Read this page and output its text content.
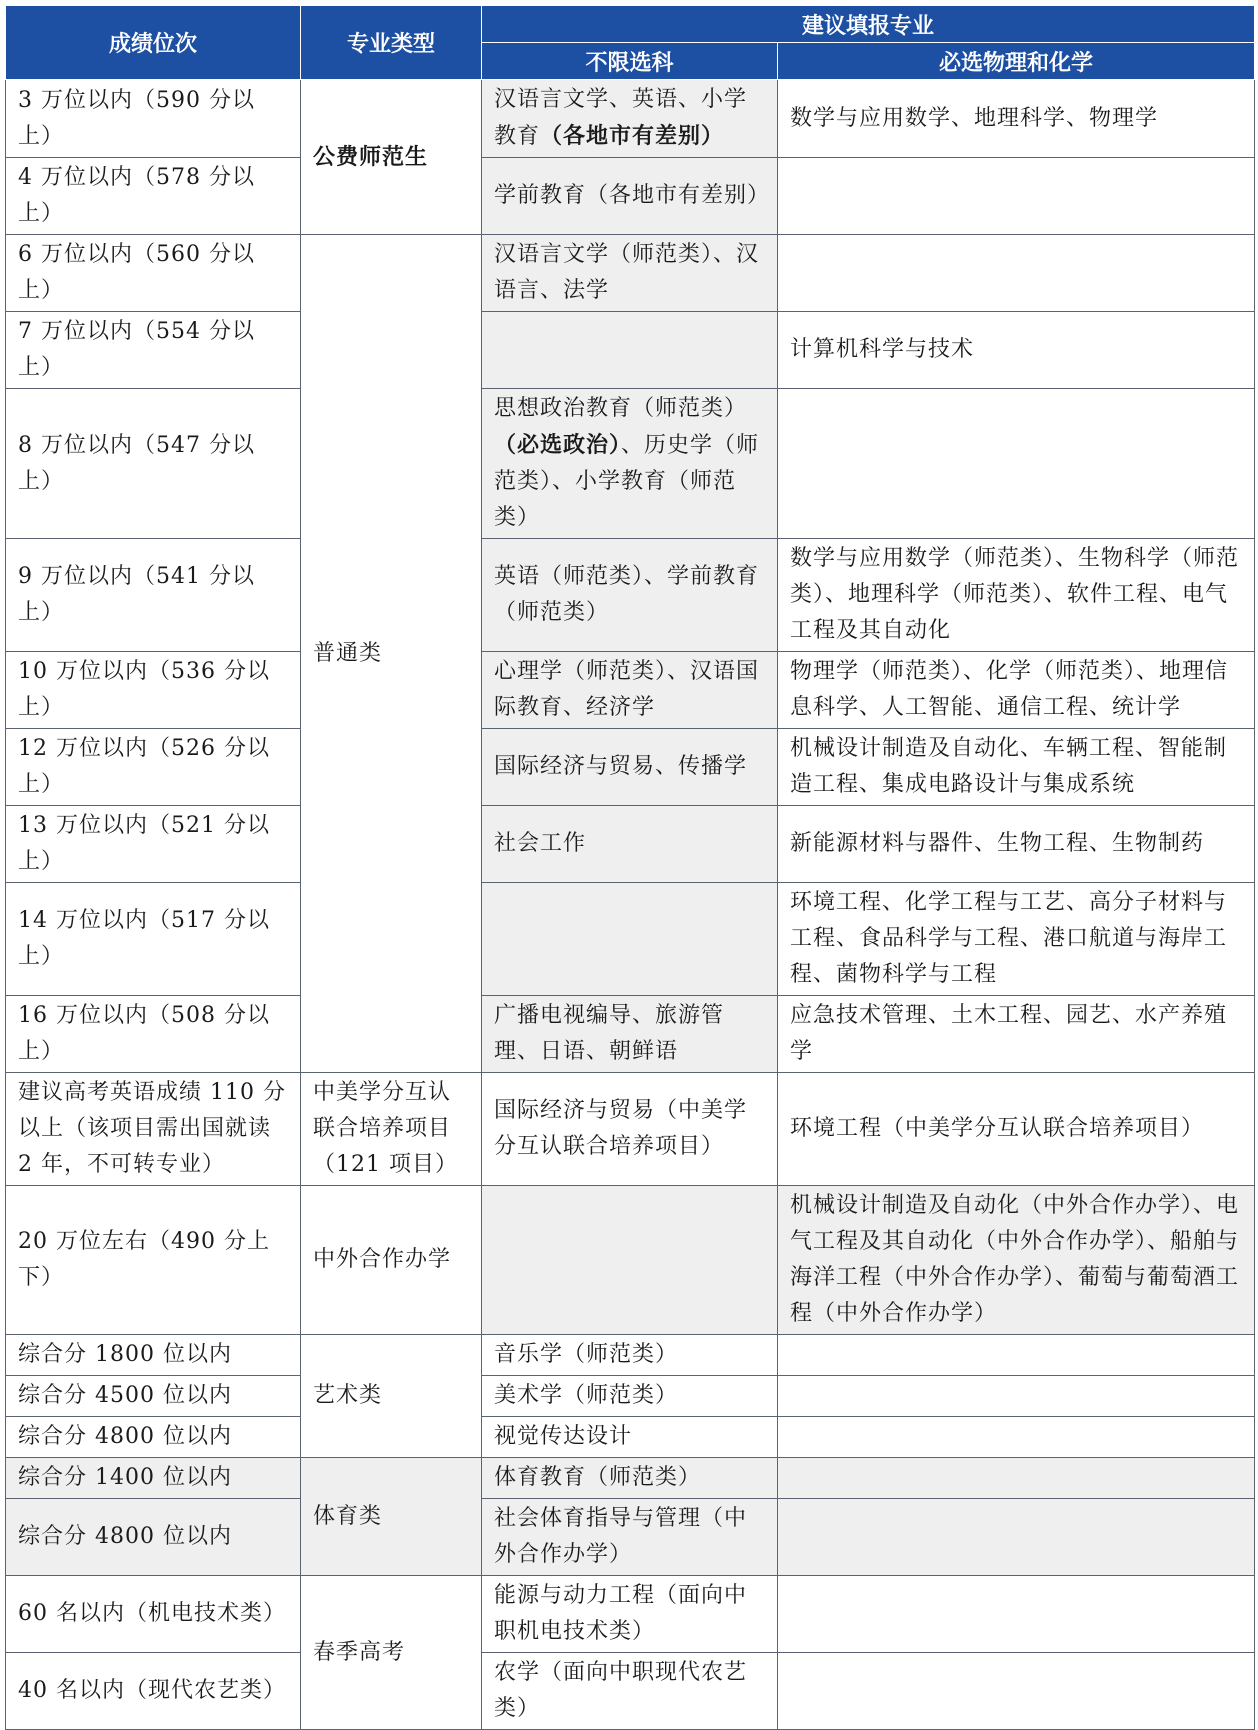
成绩位次	专业类型	建议填报专业	
		不限选科	必选物理和化学
3 万位以内（590 分以上）	公费师范生	汉语言文学、英语、小学教育（各地市有差别）	数学与应用数学、地理科学、物理学
4 万位以内（578 分以上）		学前教育（各地市有差别）	
6 万位以内（560 分以上）	普通类	汉语言文学（师范类）、汉语言、法学	
7 万位以内（554 分以上）			计算机科学与技术
8 万位以内（547 分以上）		思想政治教育（师范类）（必选政治）、历史学（师范类）、小学教育（师范类）	
9 万位以内（541 分以上）		英语（师范类）、学前教育（师范类）	数学与应用数学（师范类）、生物科学（师范类）、地理科学（师范类）、软件工程、电气工程及其自动化
10 万位以内（536 分以上）		心理学（师范类）、汉语国际教育、经济学	物理学（师范类）、化学（师范类）、地理信息科学、人工智能、通信工程、统计学
12 万位以内（526 分以上）		国际经济与贸易、传播学	机械设计制造及自动化、车辆工程、智能制造工程、集成电路设计与集成系统
13 万位以内（521 分以上）		社会工作	新能源材料与器件、生物工程、生物制药
14 万位以内（517 分以上）			环境工程、化学工程与工艺、高分子材料与工程、食品科学与工程、港口航道与海岸工程、菌物科学与工程
16 万位以内（508 分以上）		广播电视编导、旅游管理、日语、朝鲜语	应急技术管理、土木工程、园艺、水产养殖学
建议高考英语成绩 110 分以上（该项目需出国就读 2 年，不可转专业）	中美学分互认联合培养项目（121 项目）	国际经济与贸易（中美学分互认联合培养项目）	环境工程（中美学分互认联合培养项目）
20 万位左右（490 分上下）	中外合作办学		机械设计制造及自动化（中外合作办学）、电气工程及其自动化（中外合作办学）、船舶与海洋工程（中外合作办学）、葡萄与葡萄酒工程（中外合作办学）
综合分 1800 位以内	艺术类	音乐学（师范类）	
综合分 4500 位以内		美术学（师范类）	
综合分 4800 位以内		视觉传达设计	
综合分 1400 位以内	体育类	体育教育（师范类）	
综合分 4800 位以内		社会体育指导与管理（中外合作办学）	
60 名以内（机电技术类）	春季高考	能源与动力工程（面向中职机电技术类）	
40 名以内（现代农艺类）		农学（面向中职现代农艺类）	
